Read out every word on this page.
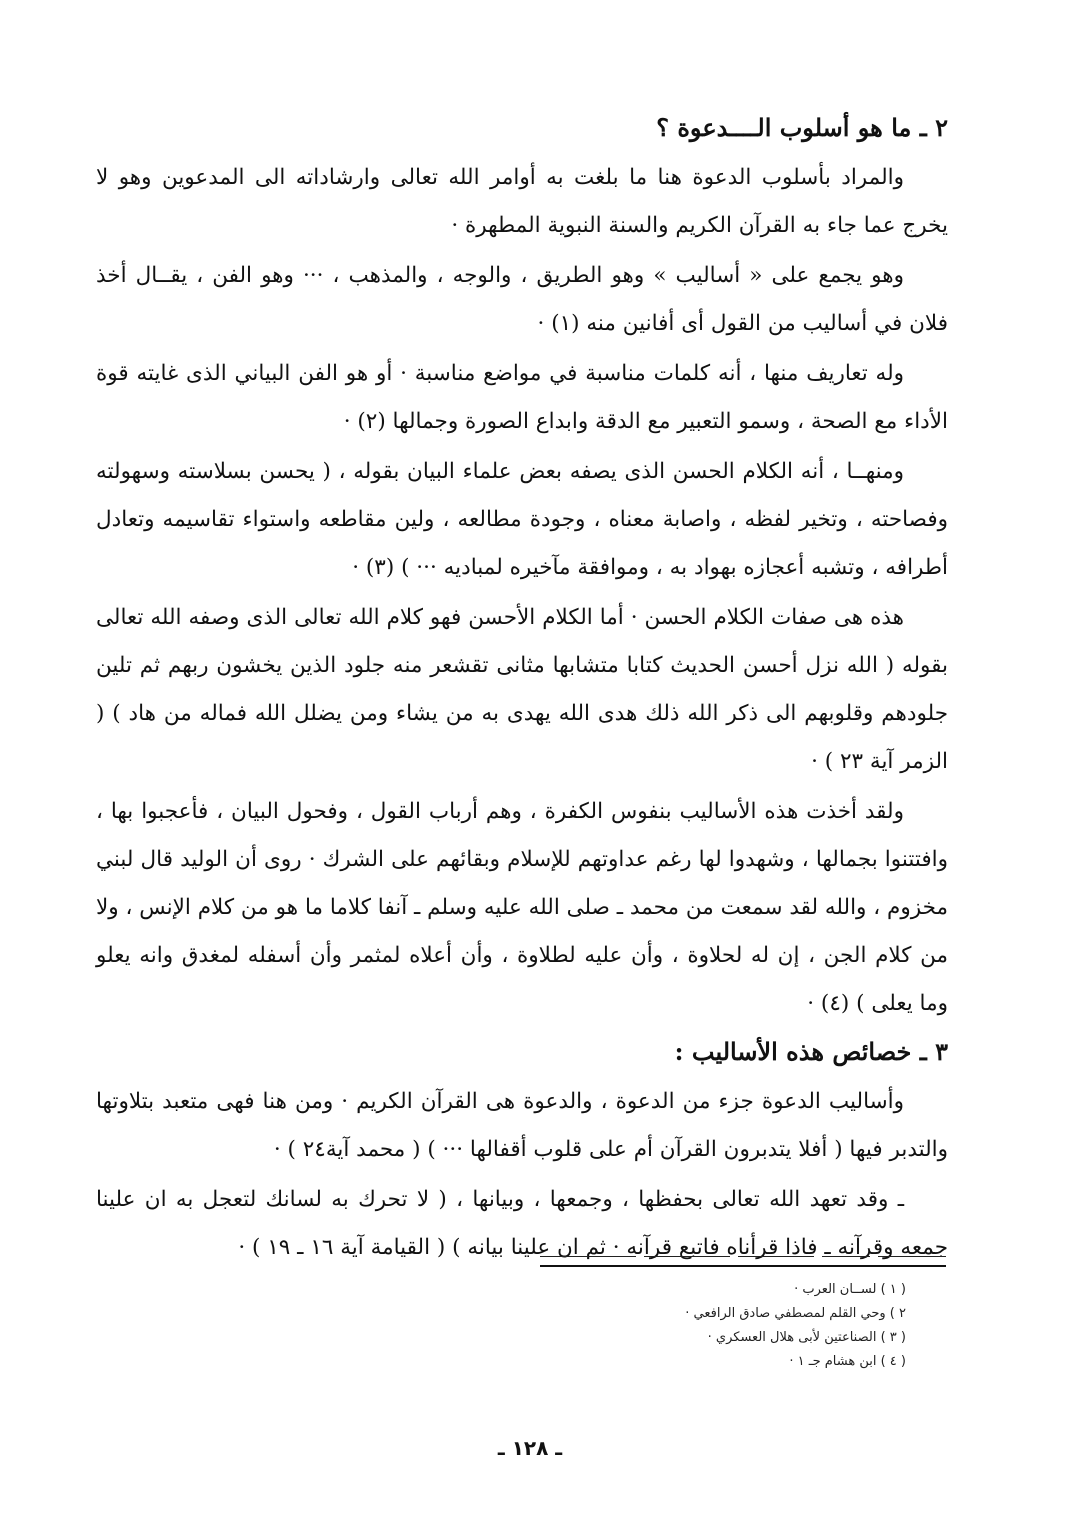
٢ ـ ما هو أسلوب الــــدعوة ؟

والمراد بأسلوب الدعوة هنا ما بلغت به أوامر الله تعالى وارشاداته الى المدعوين وهو لا يخرج عما جاء به القرآن الكريم والسنة النبوية المطهرة ·

وهو يجمع على « أساليب » وهو الطريق ، والوجه ، والمذهب ، ··· وهو الفن ، يقــال أخذ فلان في أساليب من القول أى أفانين منه (١) ·

وله تعاريف منها ، أنه كلمات مناسبة في مواضع مناسبة · أو هو الفن البياني الذى غايته قوة الأداء مع الصحة ، وسمو التعبير مع الدقة وابداع الصورة وجمالها (٢) ·

ومنهــا ، أنه الكلام الحسن الذى يصفه بعض علماء البيان بقوله ، ( يحسن بسلاسته وسهولته وفصاحته ، وتخير لفظه ، واصابة معناه ، وجودة مطالعه ، ولين مقاطعه واستواء تقاسيمه وتعادل أطرافه ، وتشبه أعجازه بهواد به ، وموافقة مآخيره لمباديه ··· ) (٣) ·

هذه هى صفات الكلام الحسن · أما الكلام الأحسن فهو كلام الله تعالى الذى وصفه الله تعالى بقوله ( الله نزل أحسن الحديث كتابا متشابها مثانى تقشعر منه جلود الذين يخشون ربهم ثم تلين جلودهم وقلوبهم الى ذكر الله ذلك هدى الله يهدى به من يشاء ومن يضلل الله فماله من هاد ) ( الزمر آية ٢٣ ) ·

ولقد أخذت هذه الأساليب بنفوس الكفرة ، وهم أرباب القول ، وفحول البيان ، فأعجبوا بها ، وافتتنوا بجمالها ، وشهدوا لها رغم عداوتهم للإسلام وبقائهم على الشرك · روى أن الوليد قال لبني مخزوم ، والله لقد سمعت من محمد ـ صلى الله عليه وسلم ـ آنفا كلاما ما هو من كلام الإنس ، ولا من كلام الجن ، إن له لحلاوة ، وأن عليه لطلاوة ، وأن أعلاه لمثمر وأن أسفله لمغدق وانه يعلو وما يعلى ) (٤) ·

٣ ـ خصائص هذه الأساليب :

وأساليب الدعوة جزء من الدعوة ، والدعوة هى القرآن الكريم · ومن هنا فهى متعبد بتلاوتها والتدبر فيها ( أفلا يتدبرون القرآن أم على قلوب أقفالها ··· ) ( محمد آية٢٤ ) ·

ـ وقد تعهد الله تعالى بحفظها ، وجمعها ، وبيانها ، ( لا تحرك به لسانك لتعجل به ان علينا جمعه وقرآنه ـ فاذا قرأناه فاتبع قرآنه · ثم ان علينا بيانه ) ( القيامة آية ١٦ ـ ١٩ ) ·

( ١ ) لســان العرب ·
٢ ) وحي القلم لمصطفي صادق الرافعي ·
( ٣ ) الصناعتين لأبى هلال العسكري ·
( ٤ ) ابن هشام جـ ١ ·
ـ ١٢٨ ـ
